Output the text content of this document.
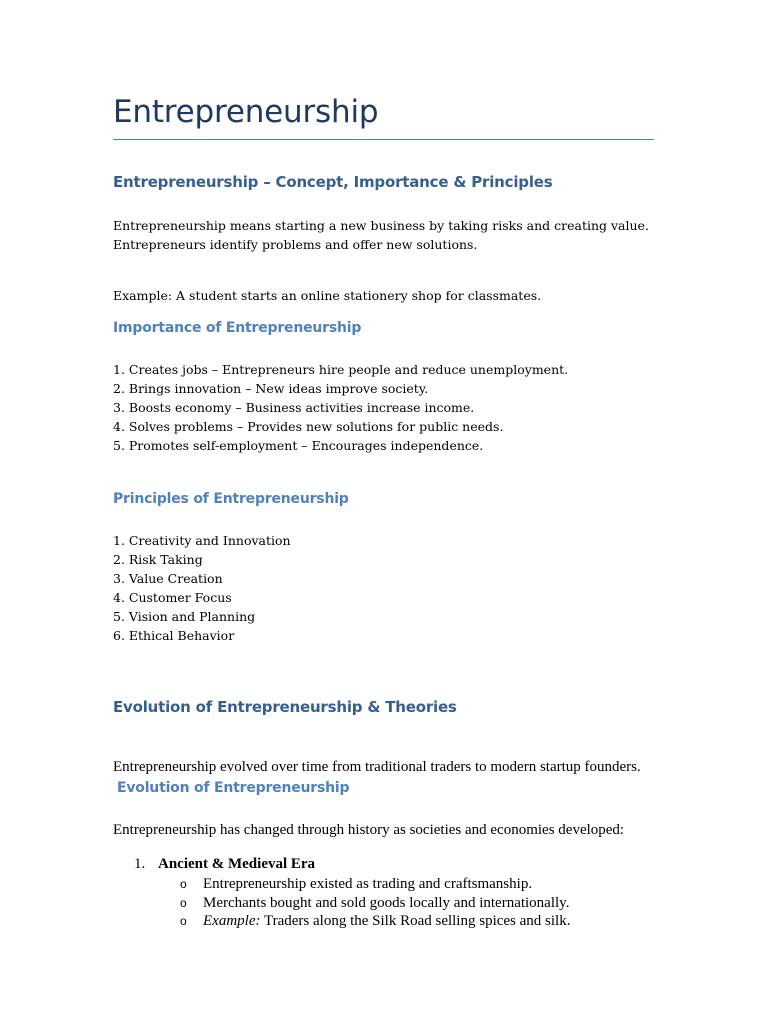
Entrepreneurship
Entrepreneurship – Concept, Importance & Principles
Entrepreneurship means starting a new business by taking risks and creating value.
Entrepreneurs identify problems and offer new solutions.
Example: A student starts an online stationery shop for classmates.
Importance of Entrepreneurship
1. Creates jobs – Entrepreneurs hire people and reduce unemployment.
2. Brings innovation – New ideas improve society.
3. Boosts economy – Business activities increase income.
4. Solves problems – Provides new solutions for public needs.
5. Promotes self-employment – Encourages independence.
Principles of Entrepreneurship
1. Creativity and Innovation
2. Risk Taking
3. Value Creation
4. Customer Focus
5. Vision and Planning
6. Ethical Behavior
Evolution of Entrepreneurship & Theories
Entrepreneurship evolved over time from traditional traders to modern startup founders.
Evolution of Entrepreneurship
Entrepreneurship has changed through history as societies and economies developed:
1. Ancient & Medieval Era
o Entrepreneurship existed as trading and craftsmanship.
o Merchants bought and sold goods locally and internationally.
o Example: Traders along the Silk Road selling spices and silk.
